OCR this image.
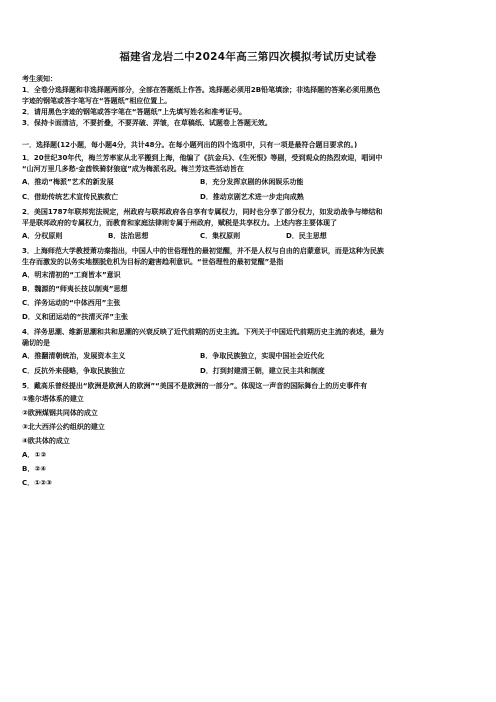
福建省龙岩二中2024年高三第四次模拟考试历史试卷
考生须知：
1．全卷分选择题和非选择题两部分，全部在答题纸上作答。选择题必须用2B铅笔填涂；非选择题的答案必须用黑色
字迹的钢笔或答字笔写在“答题纸”相应位置上。
2．请用黑色字迹的钢笔或答字笔在“答题纸”上先填写姓名和准考证号。
3．保持卡面清洁，不要折叠，不要弄破、弄皱，在草稿纸、试题卷上答题无效。
一．选择题(12小题，每小题4分，共计48分。在每小题列出的四个选项中，只有一项是最符合题目要求的。)
1．20世纪30年代，梅兰芳率家从北平搬到上海，他编了《抗金兵》、《生死恨》等剧，受到观众的热烈欢迎，唱词中
“山河万里几多愁·金酋铁骑豺狼寇”成为梅派名段。梅兰芳这些活动旨在
A．推动“梅派”艺术的新发展	B．充分发挥京剧的休闲娱乐功能
C．借助传统艺术宣传民族救亡	D．推动京剧艺术进一步走向成熟
2．美国1787年联邦宪法规定，州政府与联邦政府各自享有专属权力，同时也分享了部分权力，如发动战争与缔结和
平是联邦政府的专属权力，而教育和家庭法律则专属于州政府，赋税是共享权力。上述内容主要体现了
A．分权原则	B．法治思想	C．集权原则	D．民主思想
3．上海师范大学教授萧功秦指出，中国人中的世俗理性的最初觉醒，并不是人权与自由的启蒙意识，而是这种为民族
生存而激发的以务实地摆脱危机为目标的避害趋利意识。“世俗理性的最初觉醒”是指
A．明末清初的“工商皆本”意识
B．魏源的“师夷长技以制夷”思想
C．洋务运动的“中体西用”主张
D．义和团运动的“扶清灭洋”主张
4．洋务思潮、维新思潮和共和思潮的兴衰反映了近代前期的历史主流。下列关于中国近代前期历史主流的表述，最为
确切的是
A．推翻清朝统治，发展资本主义	B．争取民族独立，实现中国社会近代化
C．反抗外来侵略，争取民族独立	D．打到封建清王朝，建立民主共和制度
5．戴高乐曾经提出“欧洲是欧洲人的欧洲”“美国不是欧洲的一部分”。体现这一声音的国际舞台上的历史事件有
①雅尔塔体系的建立
②欧洲煤钢共同体的成立
③北大西洋公约组织的建立
④欧共体的成立
A．①②
B．②④
C．①②③
